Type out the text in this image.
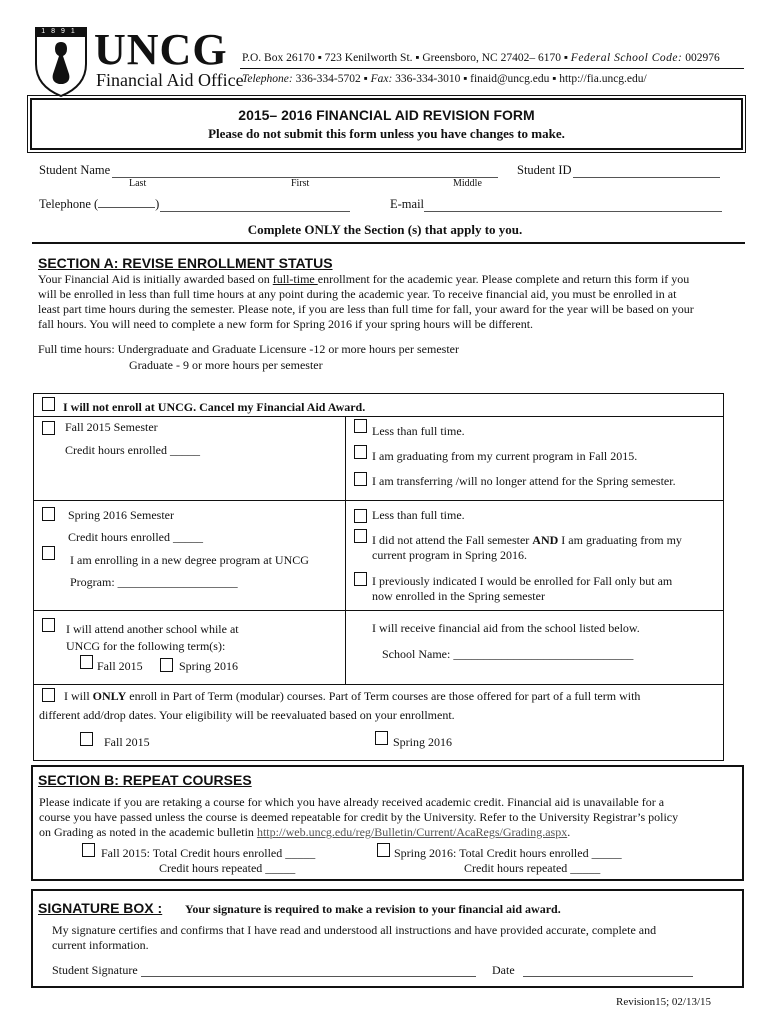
1891 UNCG
Financial Aid Office
P.O. Box 26170 ▪ 723 Kenilworth St. ▪ Greensboro, NC 27402– 6170 ▪ Federal School Code: 002976
Telephone: 336-334-5702 ▪ Fax: 336-334-3010 ▪ finaid@uncg.edu ▪ http://fia.uncg.edu/
2015– 2016 FINANCIAL AID REVISION FORM
Please do not submit this form unless you have changes to make.
Student Name
Last	First	Middle
Student ID
Telephone (	)	E-mail
Complete ONLY the Section (s) that apply to you.
SECTION A: REVISE ENROLLMENT STATUS
Your Financial Aid is initially awarded based on full-time enrollment for the academic year. Please complete and return this form if you
will be enrolled in less than full time hours at any point during the academic year. To receive financial aid, you must be enrolled in at
least part time hours during the semester. Please note, if you are less than full time for fall, your award for the year will be based on your
fall hours. You will need to complete a new form for Spring 2016 if your spring hours will be different.
Full time hours: Undergraduate and Graduate Licensure -12 or more hours per semester
Graduate - 9 or more hours per semester
I will not enroll at UNCG. Cancel my Financial Aid Award.
Fall 2015 Semester
Credit hours enrolled _____
Less than full time.
I am graduating from my current program in Fall 2015.
I am transferring /will no longer attend for the Spring semester.
Spring 2016 Semester
Credit hours enrolled _____
I am enrolling in a new degree program at UNCG
Program: ____________________
Less than full time.
I did not attend the Fall semester AND I am graduating from my
current program in Spring 2016.
I previously indicated I would be enrolled for Fall only but am
now enrolled in the Spring semester
I will attend another school while at
UNCG for the following term(s):
Fall 2015	Spring 2016
I will receive financial aid from the school listed below.
School Name: ______________________________
I will ONLY enroll in Part of Term (modular) courses. Part of Term courses are those offered for part of a full term with
different add/drop dates. Your eligibility will be reevaluated based on your enrollment.
Fall 2015	Spring 2016
SECTION B: REPEAT COURSES
Please indicate if you are retaking a course for which you have already received academic credit. Financial aid is unavailable for a
course you have passed unless the course is deemed repeatable for credit by the University. Refer to the University Registrar’s policy
on Grading as noted in the academic bulletin http://web.uncg.edu/reg/Bulletin/Current/AcaRegs/Grading.aspx.
Fall 2015: Total Credit hours enrolled _____
Credit hours repeated _____
Spring 2016: Total Credit hours enrolled _____
Credit hours repeated _____
SIGNATURE BOX : Your signature is required to make a revision to your financial aid award.
My signature certifies and confirms that I have read and understood all instructions and have provided accurate, complete and
current information.
Student Signature	Date
Revision15; 02/13/15
